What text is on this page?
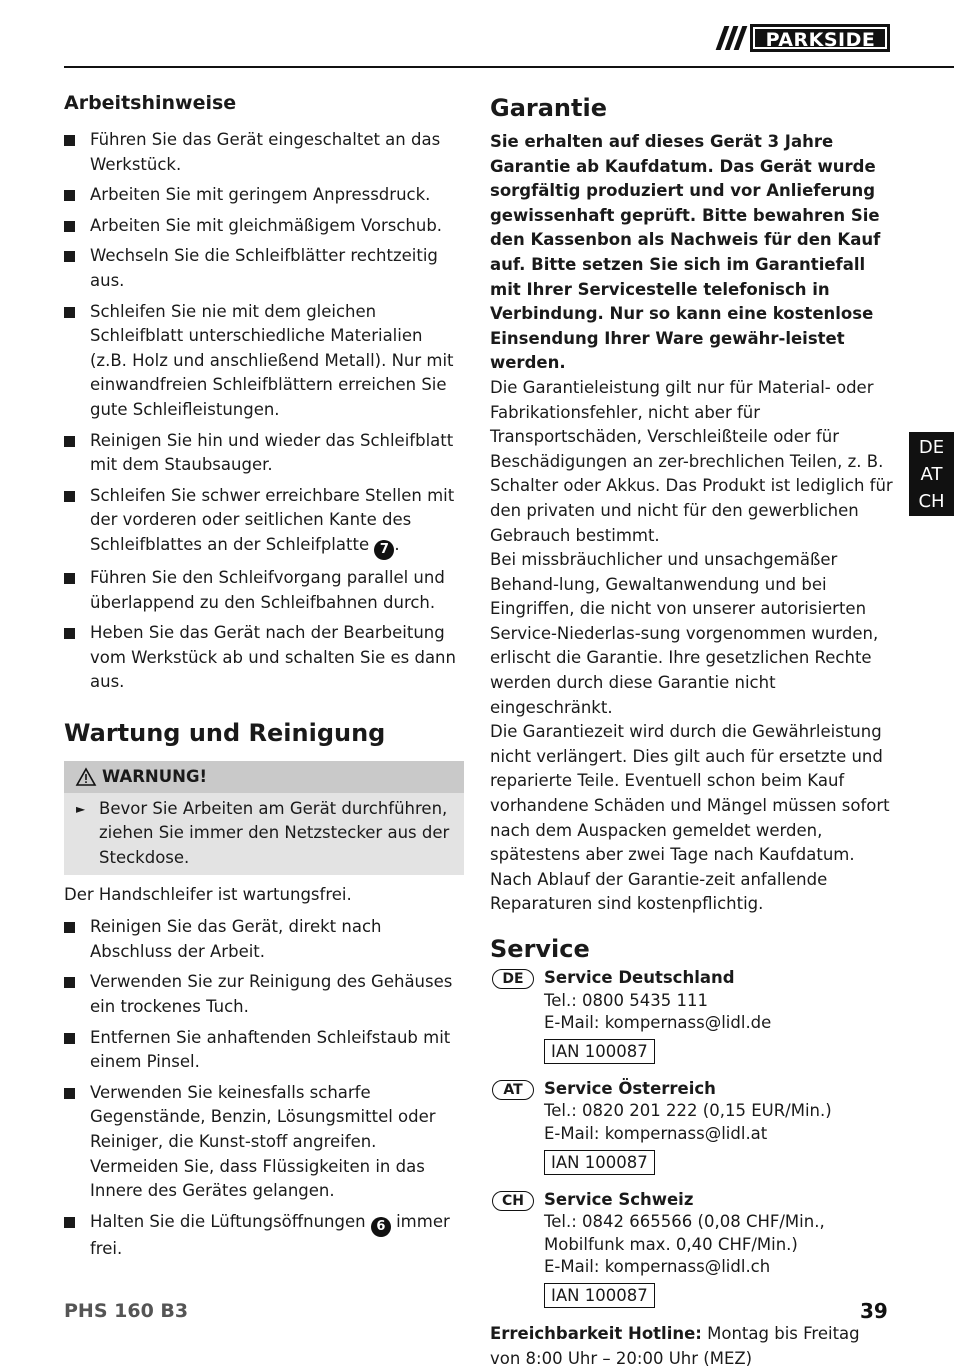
PARKSIDE
Arbeitshinweise
Führen Sie das Gerät eingeschaltet an das Werkstück.
Arbeiten Sie mit geringem Anpressdruck.
Arbeiten Sie mit gleichmäßigem Vorschub.
Wechseln Sie die Schleifblätter rechtzeitig aus.
Schleifen Sie nie mit dem gleichen Schleifblatt unterschiedliche Materialien (z.B. Holz und anschließend Metall). Nur mit einwandfreien Schleifblättern erreichen Sie gute Schleifleistungen.
Reinigen Sie hin und wieder das Schleifblatt mit dem Staubsauger.
Schleifen Sie schwer erreichbare Stellen mit der vorderen oder seitlichen Kante des Schleifblattes an der Schleifplatte 7 .
Führen Sie den Schleifvorgang parallel und überlappend zu den Schleifbahnen durch.
Heben Sie das Gerät nach der Bearbeitung vom Werkstück ab und schalten Sie es dann aus.
Wartung und Reinigung
WARNUNG!
► Bevor Sie Arbeiten am Gerät durchführen, ziehen Sie immer den Netzstecker aus der Steckdose.

Der Handschleifer ist wartungsfrei.

Reinigen Sie das Gerät, direkt nach Abschluss der Arbeit.
Verwenden Sie zur Reinigung des Gehäuses ein trockenes Tuch.
Entfernen Sie anhaftenden Schleifstaub mit einem Pinsel.
Verwenden Sie keinesfalls scharfe Gegenstände, Benzin, Lösungsmittel oder Reiniger, die Kunst-stoff angreifen. Vermeiden Sie, dass Flüssigkeiten in das Innere des Gerätes gelangen.
Halten Sie die Lüftungsöffnungen 6 immer frei.
Garantie

Sie erhalten auf dieses Gerät 3 Jahre Garantie ab Kaufdatum. Das Gerät wurde sorgfältig produziert und vor Anlieferung gewissenhaft geprüft. Bitte bewahren Sie den Kassenbon als Nachweis für den Kauf auf. Bitte setzen Sie sich im Garantiefall mit Ihrer Servicestelle telefonisch in Verbindung. Nur so kann eine kostenlose Einsendung Ihrer Ware gewähr-leistet werden.

Die Garantieleistung gilt nur für Material- oder Fabrikationsfehler, nicht aber für Transportschäden, Verschleißteile oder für Beschädigungen an zer-brechlichen Teilen, z. B. Schalter oder Akkus. Das Produkt ist lediglich für den privaten und nicht für den gewerblichen Gebrauch bestimmt.

Bei missbräuchlicher und unsachgemäßer Behand-lung, Gewaltanwendung und bei Eingriffen, die nicht von unserer autorisierten Service-Niederlas-sung vorgenommen wurden, erlischt die Garantie. Ihre gesetzlichen Rechte werden durch diese Garantie nicht eingeschränkt.

Die Garantiezeit wird durch die Gewährleistung nicht verlängert. Dies gilt auch für ersetzte und reparierte Teile. Eventuell schon beim Kauf vorhandene Schäden und Mängel müssen sofort nach dem Auspacken gemeldet werden, spätestens aber zwei Tage nach Kaufdatum. Nach Ablauf der Garantie-zeit anfallende Reparaturen sind kostenpflichtig.

Service
DE	Service Deutschland
Tel.: 0800 5435 111
E-Mail: kompernass@lidl.de
IAN 100087
AT	Service Österreich
Tel.: 0820 201 222 (0,15 EUR/Min.)
E-Mail: kompernass@lidl.at
IAN 100087
CH	Service Schweiz
Tel.: 0842 665566 (0,08 CHF/Min.,
Mobilfunk max. 0,40 CHF/Min.)
E-Mail: kompernass@lidl.ch
IAN 100087

Erreichbarkeit Hotline: Montag bis Freitag von 8:00 Uhr – 20:00 Uhr (MEZ)

DE
AT
CH
PHS 160 B3	39
